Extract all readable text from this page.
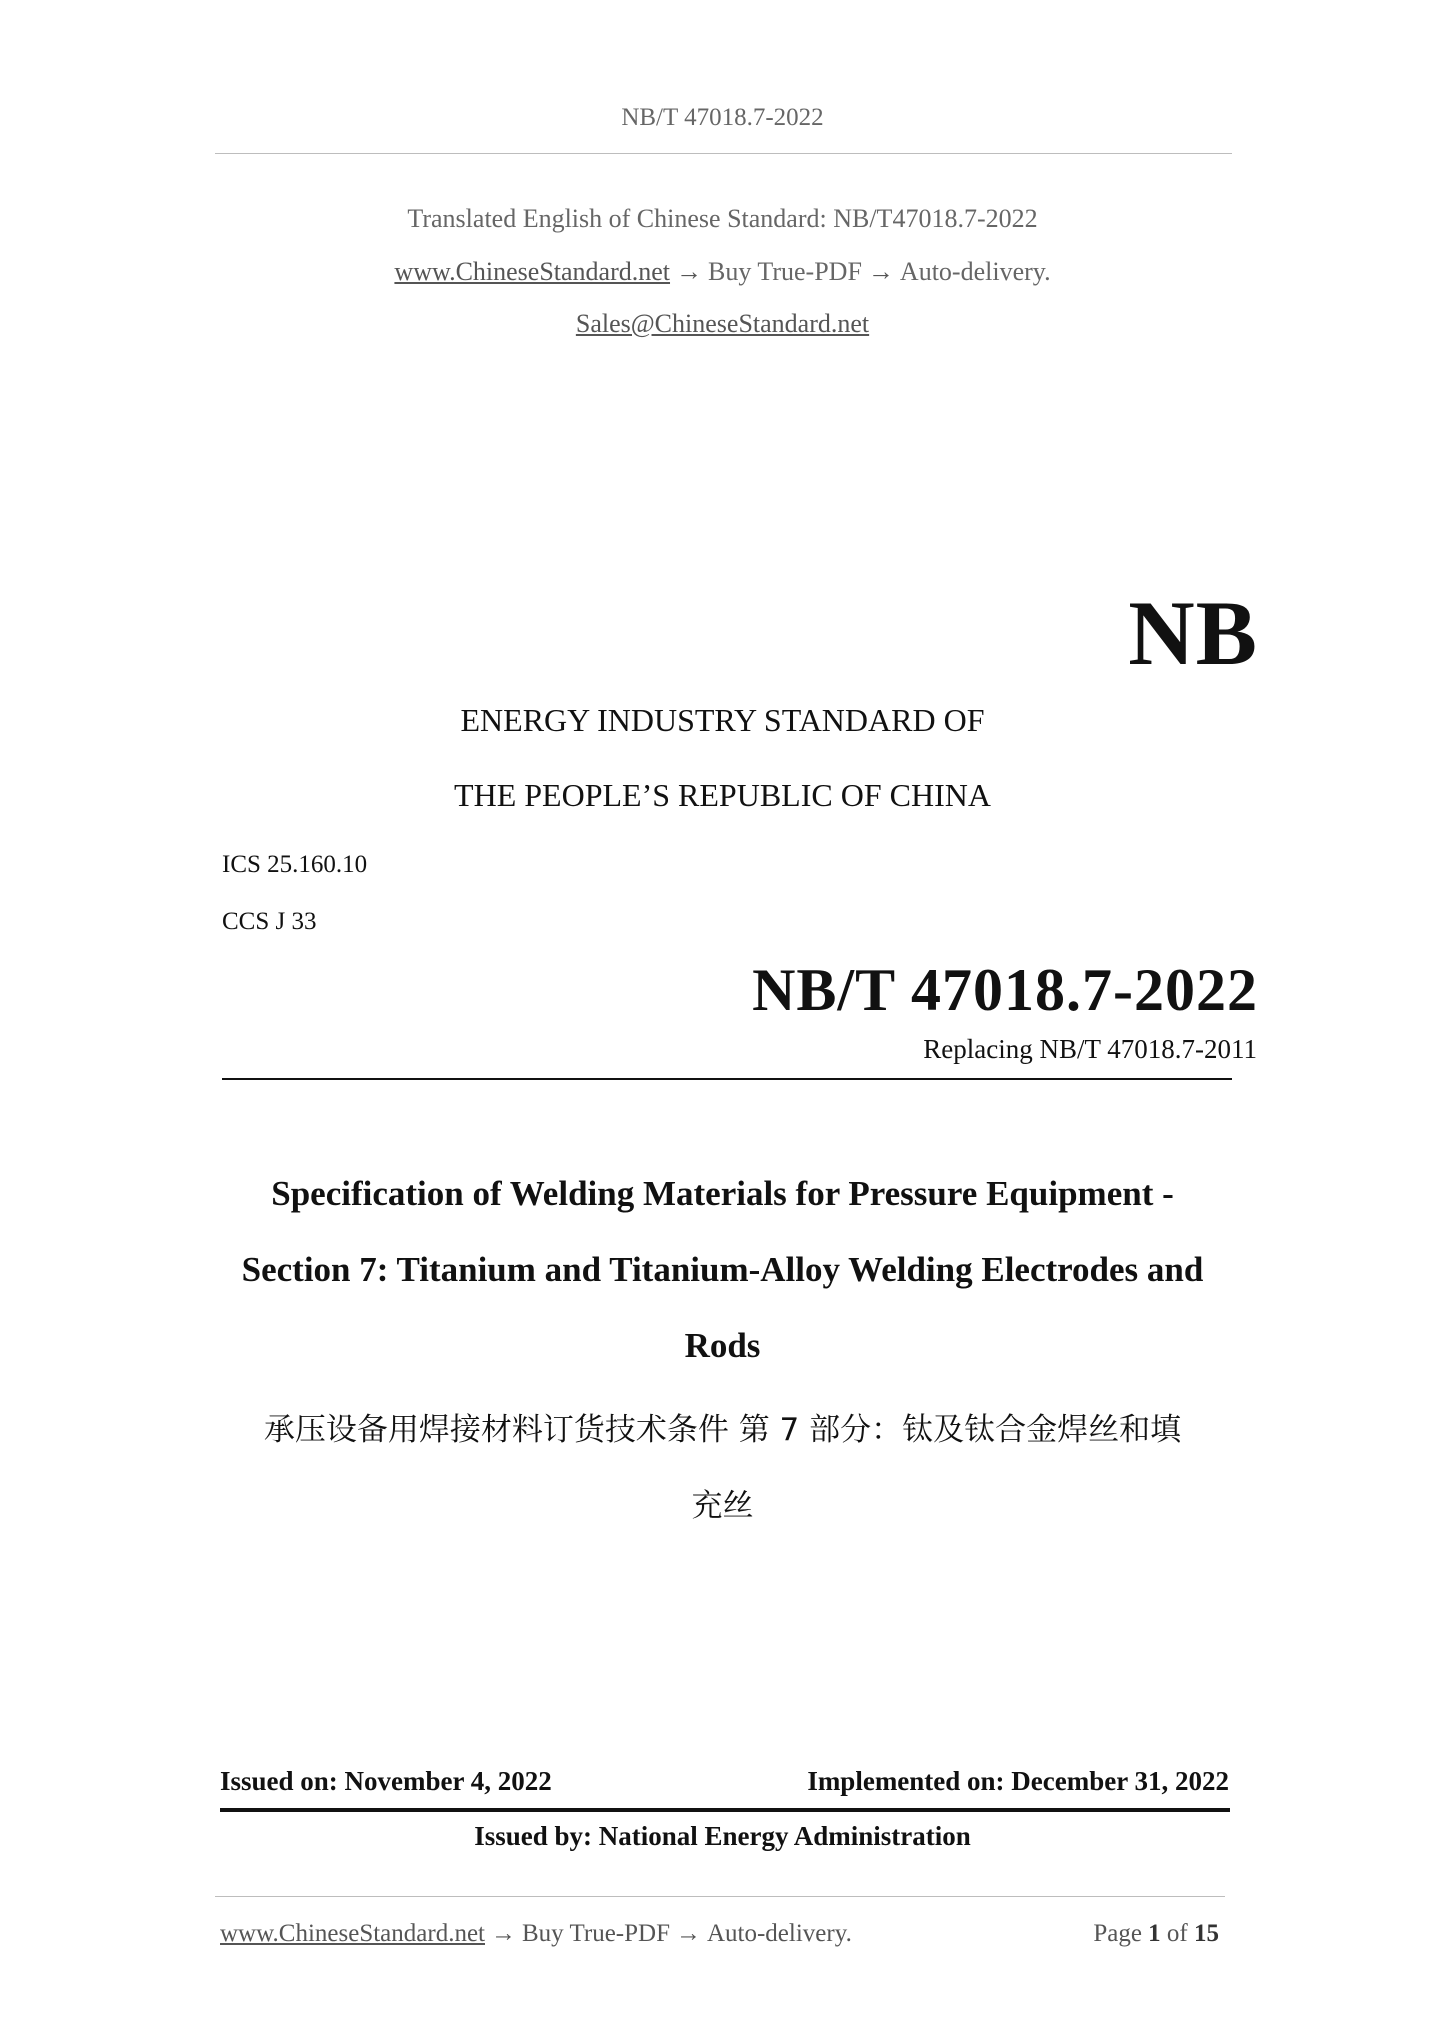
NB/T 47018.7-2022
Translated English of Chinese Standard: NB/T47018.7-2022
www.ChineseStandard.net → Buy True-PDF → Auto-delivery.
Sales@ChineseStandard.net
NB
ENERGY INDUSTRY STANDARD OF
THE PEOPLE’S REPUBLIC OF CHINA
ICS 25.160.10
CCS J 33
NB/T 47018.7-2022
Replacing NB/T 47018.7-2011
Specification of Welding Materials for Pressure Equipment -
Section 7: Titanium and Titanium-Alloy Welding Electrodes and
Rods
承压设备用焊接材料订货技术条件 第 7 部分：钛及钛合金焊丝和填
充丝
Issued on: November 4, 2022	Implemented on: December 31, 2022
Issued by: National Energy Administration
www.ChineseStandard.net → Buy True-PDF → Auto-delivery.	Page 1 of 15
